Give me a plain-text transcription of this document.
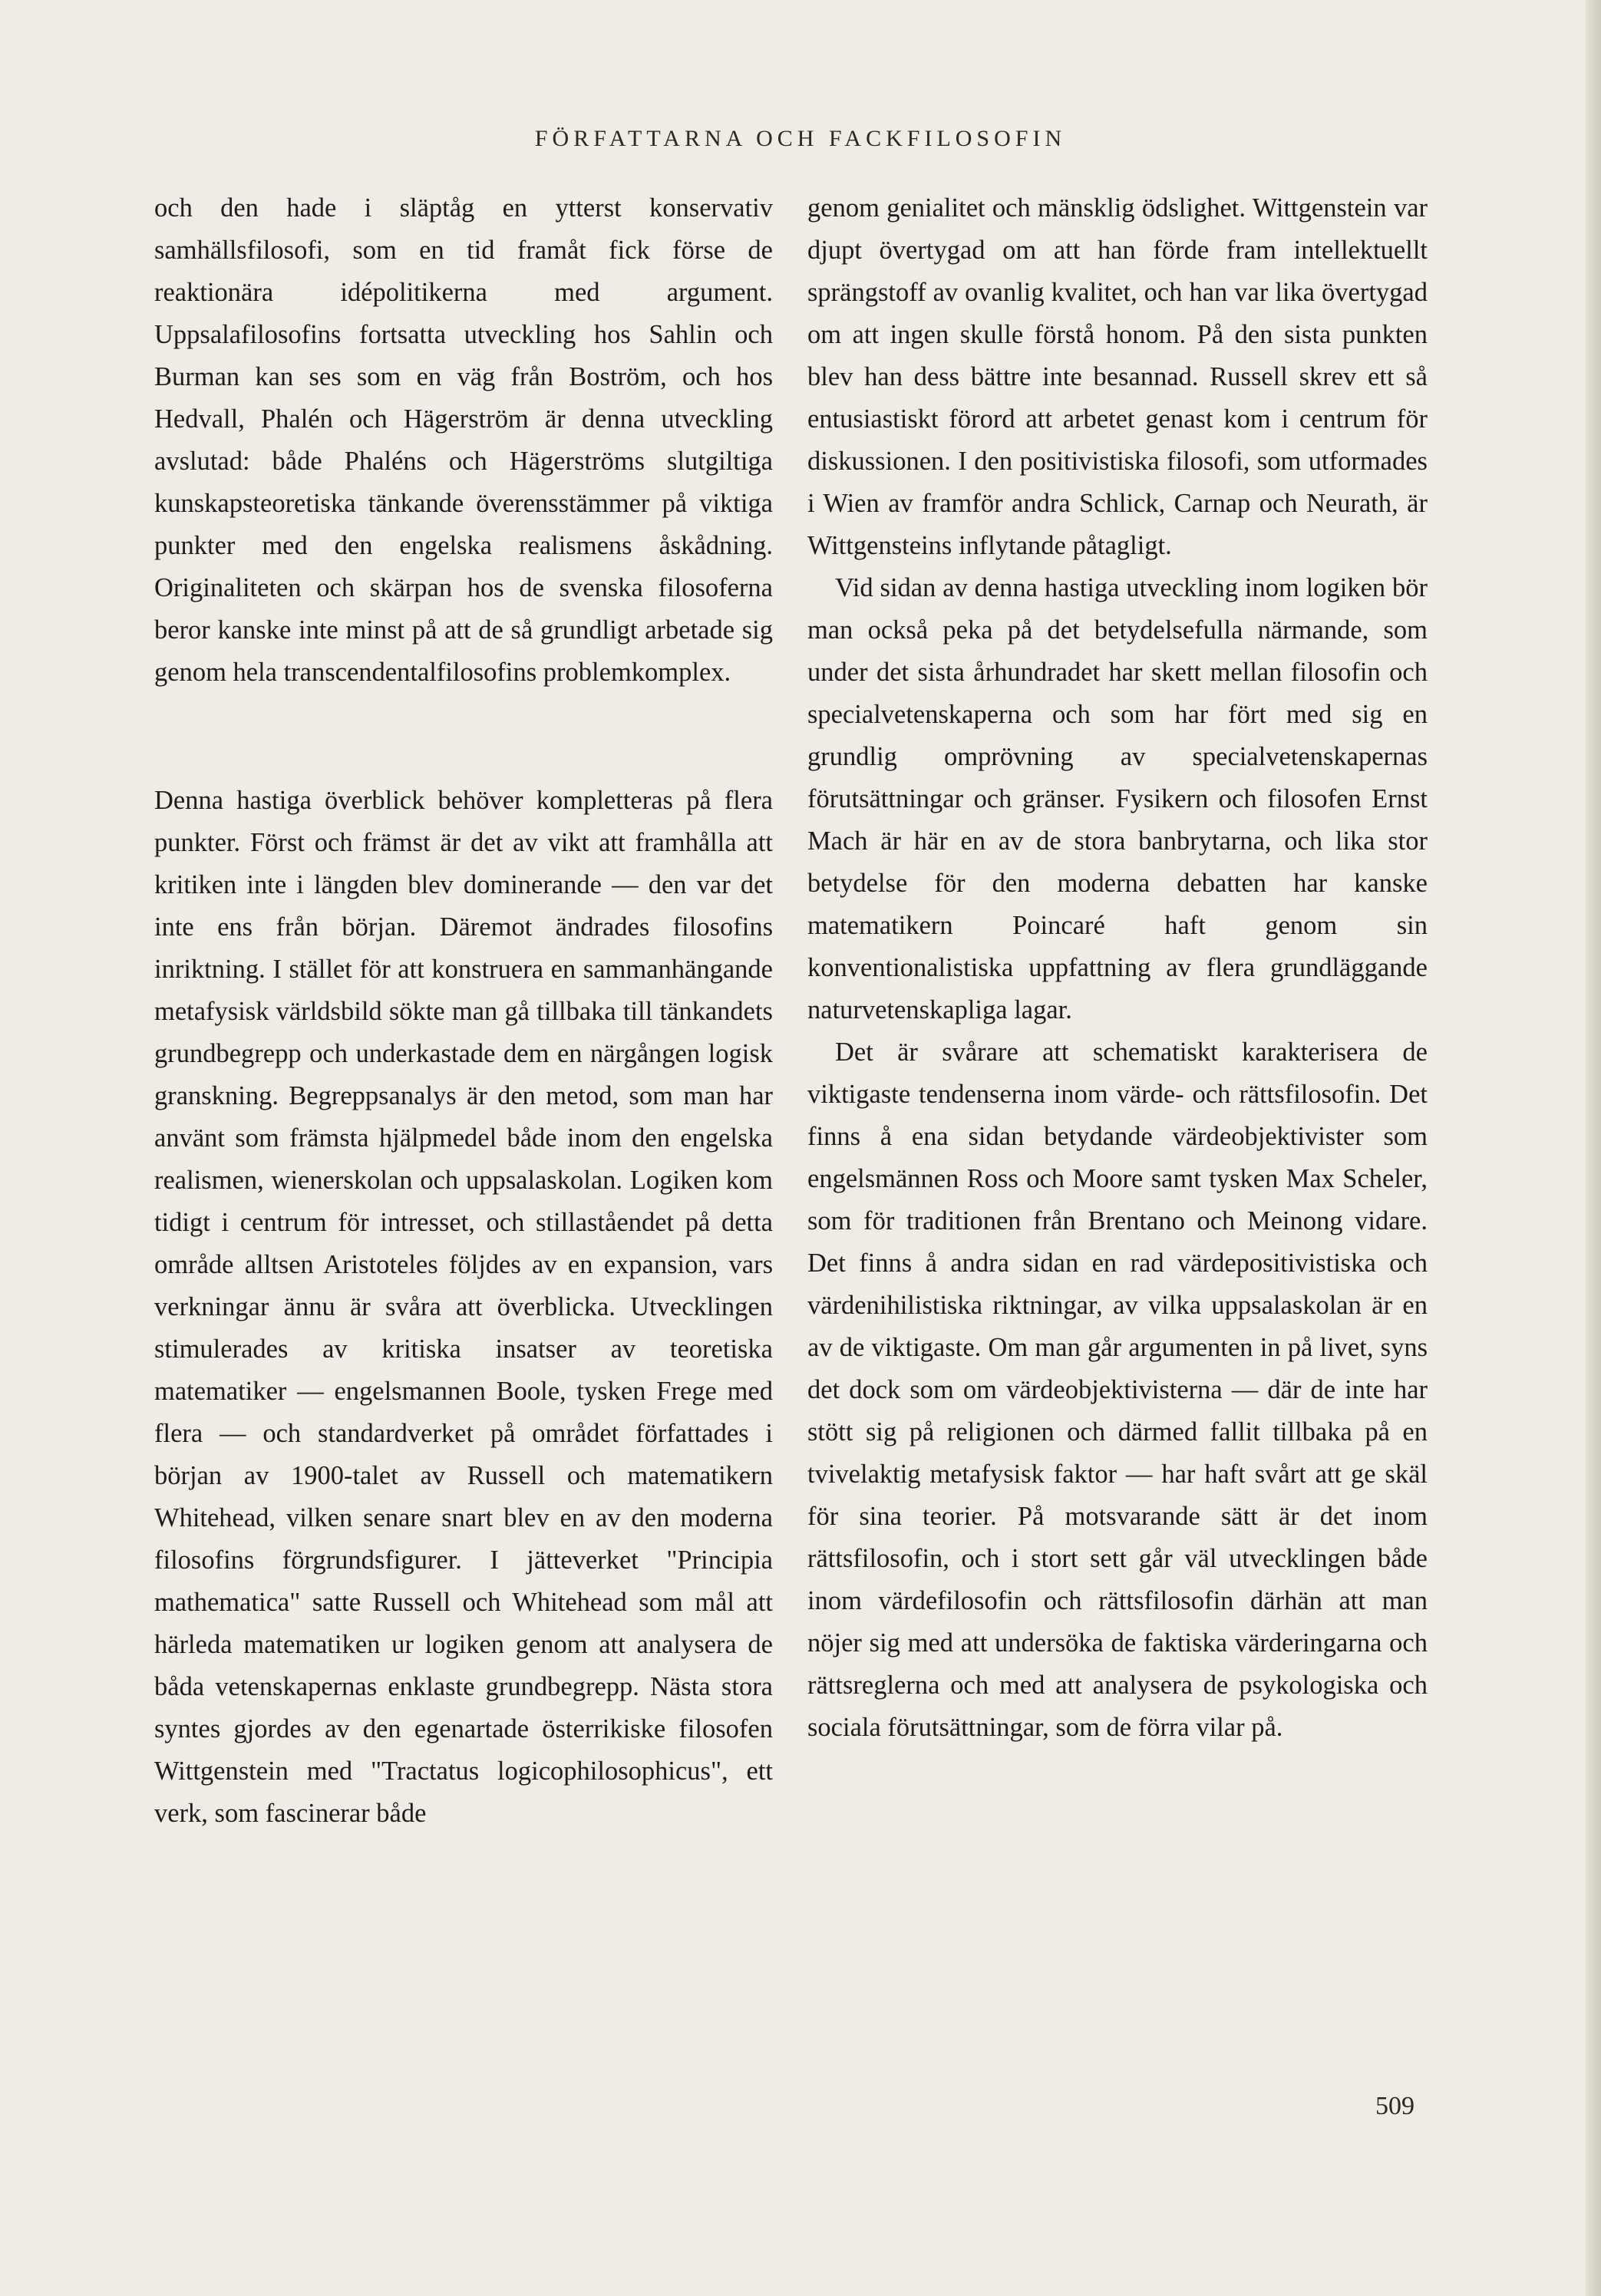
FÖRFATTARNA OCH FACKFILOSOFIN

och den hade i släptåg en ytterst konservativ samhällsfilosofi, som en tid framåt fick förse de reaktionära idépolitikerna med argument. Uppsalafilosofins fortsatta utveckling hos Sahlin och Burman kan ses som en väg från Boström, och hos Hedvall, Phalén och Hägerström är denna utveckling avslutad: både Phaléns och Hägerströms slutgiltiga kunskapsteoretiska tänkande överensstämmer på viktiga punkter med den engelska realismens åskådning. Originaliteten och skärpan hos de svenska filosoferna beror kanske inte minst på att de så grundligt arbetade sig genom hela transcendentalfilosofins problemkomplex.

Denna hastiga överblick behöver kompletteras på flera punkter. Först och främst är det av vikt att framhålla att kritiken inte i längden blev dominerande — den var det inte ens från början. Däremot ändrades filosofins inriktning. I stället för att konstruera en sammanhängande metafysisk världsbild sökte man gå tillbaka till tänkandets grundbegrepp och underkastade dem en närgången logisk granskning. Begreppsanalys är den metod, som man har använt som främsta hjälpmedel både inom den engelska realismen, wienerskolan och uppsalaskolan. Logiken kom tidigt i centrum för intresset, och stillaståendet på detta område alltsen Aristoteles följdes av en expansion, vars verkningar ännu är svåra att överblicka. Utvecklingen stimulerades av kritiska insatser av teoretiska matematiker — engelsmannen Boole, tysken Frege med flera — och standardverket på området författades i början av 1900-talet av Russell och matematikern Whitehead, vilken senare snart blev en av den moderna filosofins förgrundsfigurer. I jätteverket "Principia mathematica" satte Russell och Whitehead som mål att härleda matematiken ur logiken genom att analysera de båda vetenskapernas enklaste grundbegrepp. Nästa stora syntes gjordes av den egenartade österrikiske filosofen Wittgenstein med "Tractatus logicophilosophicus", ett verk, som fascinerar både

genom genialitet och mänsklig ödslighet. Wittgenstein var djupt övertygad om att han förde fram intellektuellt sprängstoff av ovanlig kvalitet, och han var lika övertygad om att ingen skulle förstå honom. På den sista punkten blev han dess bättre inte besannad. Russell skrev ett så entusiastiskt förord att arbetet genast kom i centrum för diskussionen. I den positivistiska filosofi, som utformades i Wien av framför andra Schlick, Carnap och Neurath, är Wittgensteins inflytande påtagligt.

Vid sidan av denna hastiga utveckling inom logiken bör man också peka på det betydelsefulla närmande, som under det sista århundradet har skett mellan filosofin och specialvetenskaperna och som har fört med sig en grundlig omprövning av specialvetenskapernas förutsättningar och gränser. Fysikern och filosofen Ernst Mach är här en av de stora banbrytarna, och lika stor betydelse för den moderna debatten har kanske matematikern Poincaré haft genom sin konventionalistiska uppfattning av flera grundläggande naturvetenskapliga lagar.

Det är svårare att schematiskt karakterisera de viktigaste tendenserna inom värde- och rättsfilosofin. Det finns å ena sidan betydande värdeobjektivister som engelsmännen Ross och Moore samt tysken Max Scheler, som för traditionen från Brentano och Meinong vidare. Det finns å andra sidan en rad värdepositivistiska och värdenihilistiska riktningar, av vilka uppsalaskolan är en av de viktigaste. Om man går argumenten in på livet, syns det dock som om värdeobjektivisterna — där de inte har stött sig på religionen och därmed fallit tillbaka på en tvivelaktig metafysisk faktor — har haft svårt att ge skäl för sina teorier. På motsvarande sätt är det inom rättsfilosofin, och i stort sett går väl utvecklingen både inom värdefilosofin och rättsfilosofin därhän att man nöjer sig med att undersöka de faktiska värderingarna och rättsreglerna och med att analysera de psykologiska och sociala förutsättningar, som de förra vilar på.

509
